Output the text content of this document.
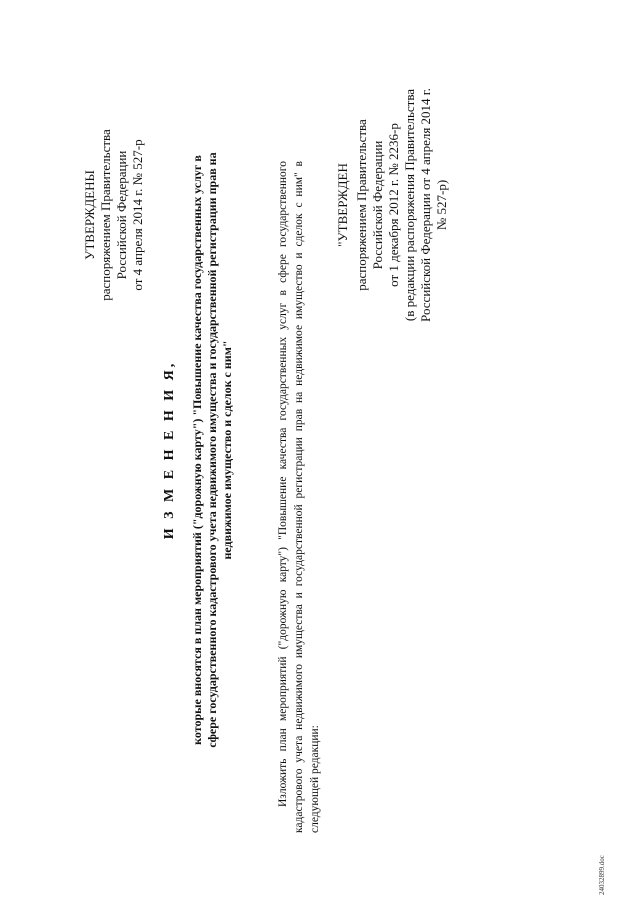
УТВЕРЖДЕНЫ распоряжением Правительства Российской Федерации от 4 апреля 2014 г. № 527-р
И З М Е Н Е Н И Я, которые вносятся в план мероприятий ("дорожную карту") "Повышение качества государственных услуг в сфере государственного кадастрового учета недвижимого имущества и государственной регистрации прав на недвижимое имущество и сделок с ним"	Изложить план мероприятий ("дорожную карту") "Повышение качества государственных услуг в сфере государственного кадастрового учета недвижимого имущества и государственной регистрации прав на недвижимое имущество и сделок с ним" в следующей редакции:
"УТВЕРЖДЕН распоряжением Правительства Российской Федерации от 1 декабря 2012 г. № 2236-р (в редакции распоряжения Правительства Российской Федерации от 4 апреля 2014 г. № 527-р)
24032899.doc
